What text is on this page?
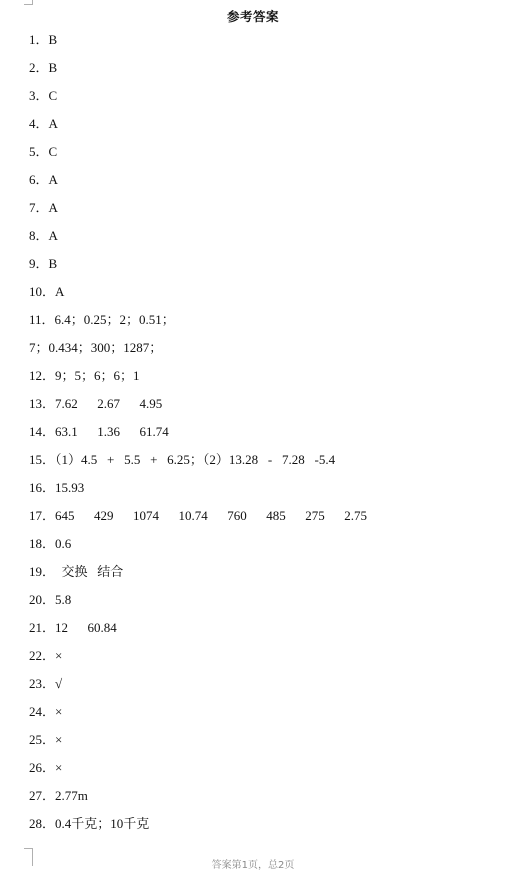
参考答案
1．B
2．B
3．C
4．A
5．C
6．A
7．A
8．A
9．B
10．A
11．6.4；0.25；2；0.51；
7；0.434；300；1287；
12．9；5；6；6；1
13．7.62      2.67      4.95
14．63.1      1.36      61.74
15．（1）4.5   +   5.5   +   6.25；（2）13.28   -   7.28   -5.4
16．15.93
17．645      429      1074      10.74      760      485      275      2.75
18．0.6
19．  交换   结合
20．5.8
21．12      60.84
22．×
23．√
24．×
25．×
26．×
27．2.77m
28．0.4千克；10千克
答案第1页，总2页
